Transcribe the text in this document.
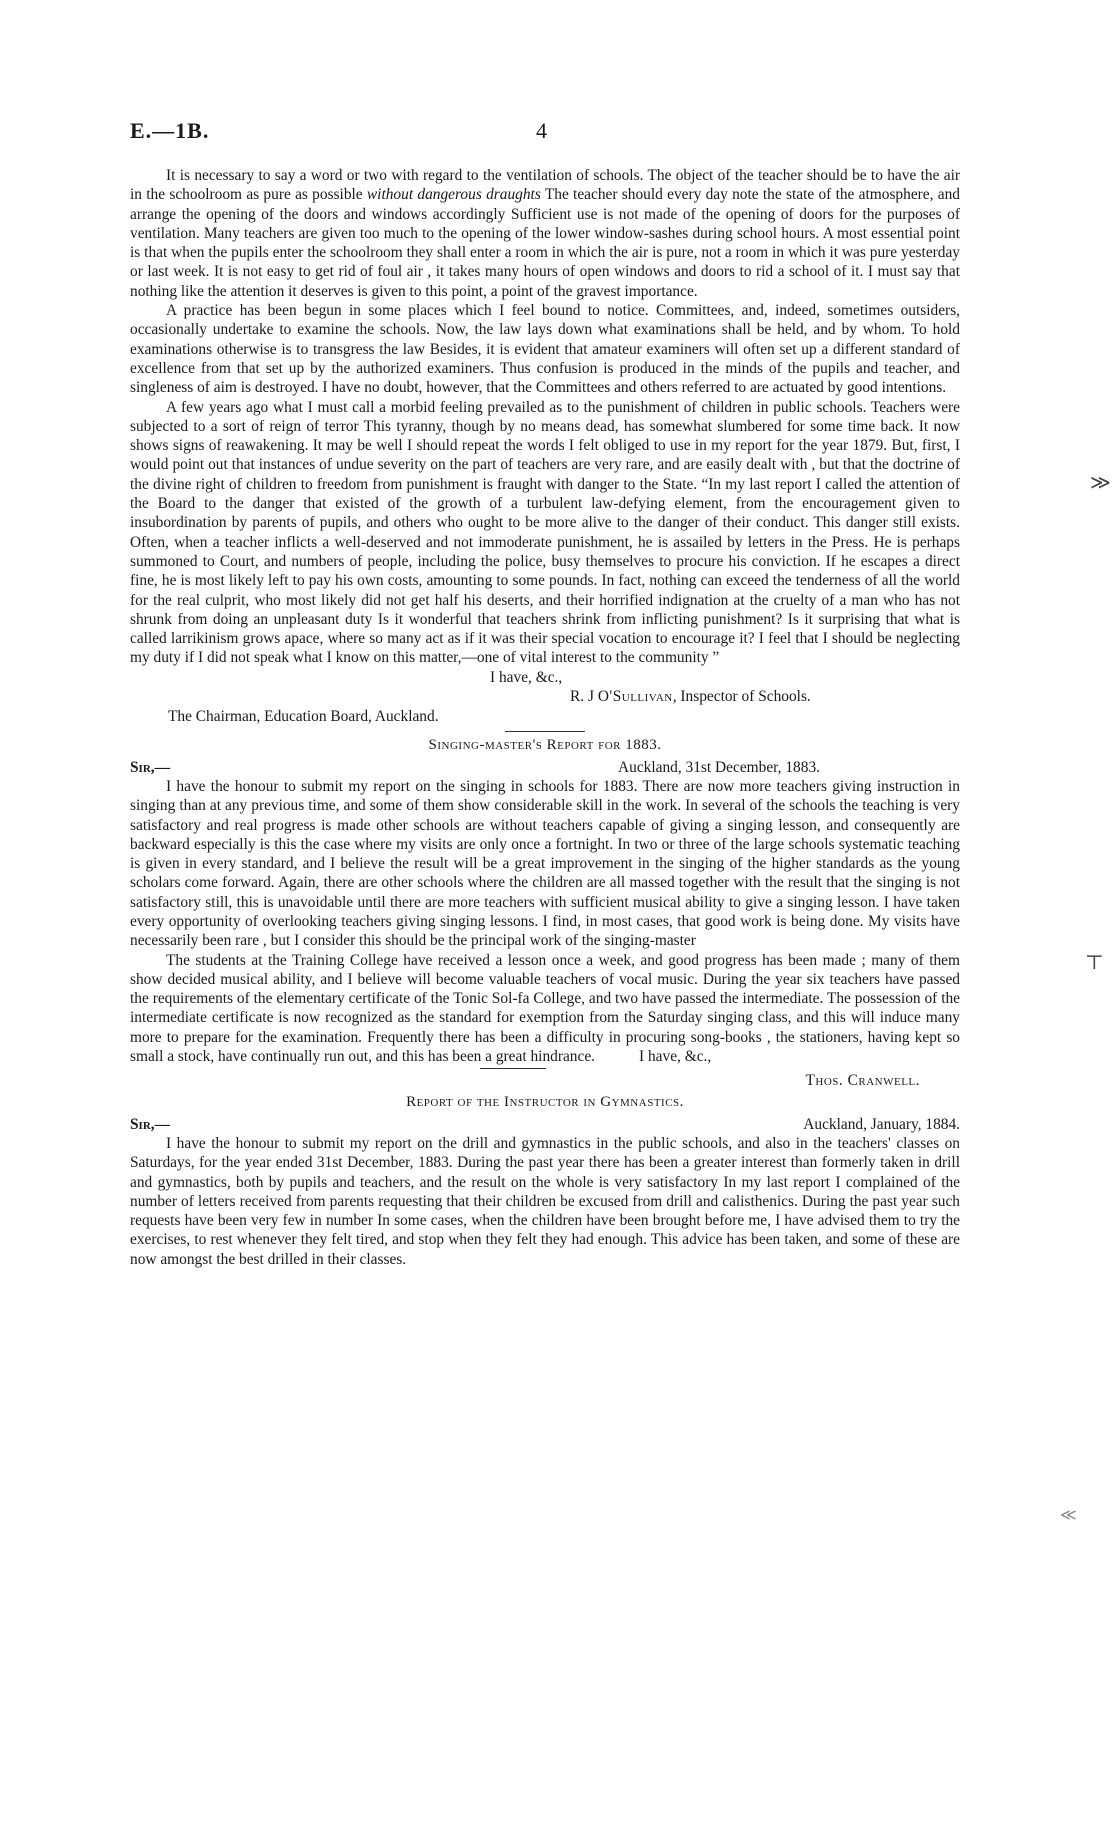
E.—1B.	4

It is necessary to say a word or two with regard to the ventilation of schools. The object of the teacher should be to have the air in the schoolroom as pure as possible without dangerous draughts The teacher should every day note the state of the atmosphere, and arrange the opening of the doors and windows accordingly Sufficient use is not made of the opening of doors for the purposes of ventilation. Many teachers are given too much to the opening of the lower window-sashes during school hours. A most essential point is that when the pupils enter the schoolroom they shall enter a room in which the air is pure, not a room in which it was pure yesterday or last week. It is not easy to get rid of foul air , it takes many hours of open windows and doors to rid a school of it. I must say that nothing like the attention it deserves is given to this point, a point of the gravest importance.

A practice has been begun in some places which I feel bound to notice. Committees, and, indeed, sometimes outsiders, occasionally undertake to examine the schools. Now, the law lays down what examinations shall be held, and by whom. To hold examinations otherwise is to transgress the law Besides, it is evident that amateur examiners will often set up a different standard of excellence from that set up by the authorized examiners. Thus confusion is produced in the minds of the pupils and teacher, and singleness of aim is destroyed. I have no doubt, however, that the Committees and others referred to are actuated by good intentions.

A few years ago what I must call a morbid feeling prevailed as to the punishment of children in public schools. Teachers were subjected to a sort of reign of terror This tyranny, though by no means dead, has somewhat slumbered for some time back. It now shows signs of reawakening. It may be well I should repeat the words I felt obliged to use in my report for the year 1879. But, first, I would point out that instances of undue severity on the part of teachers are very rare, and are easily dealt with , but that the doctrine of the divine right of children to freedom from punishment is fraught with danger to the State. “In my last report I called the attention of the Board to the danger that existed of the growth of a turbulent law-defying element, from the encouragement given to insubordination by parents of pupils, and others who ought to be more alive to the danger of their conduct. This danger still exists. Often, when a teacher inflicts a well-deserved and not immoderate punishment, he is assailed by letters in the Press. He is perhaps summoned to Court, and numbers of people, including the police, busy themselves to procure his conviction. If he escapes a direct fine, he is most likely left to pay his own costs, amounting to some pounds. In fact, nothing can exceed the tenderness of all the world for the real culprit, who most likely did not get half his deserts, and their horrified indignation at the cruelty of a man who has not shrunk from doing an unpleasant duty Is it wonderful that teachers shrink from inflicting punishment? Is it surprising that what is called larrikinism grows apace, where so many act as if it was their special vocation to encourage it? I feel that I should be neglecting my duty if I did not speak what I know on this matter,—one of vital interest to the community ”

I have, &c.,
R. J O'Sullivan, Inspector of Schools.
The Chairman, Education Board, Auckland.
Singing-master's Report for 1883.
Sir,—	Auckland, 31st December, 1883.

I have the honour to submit my report on the singing in schools for 1883. There are now more teachers giving instruction in singing than at any previous time, and some of them show considerable skill in the work. In several of the schools the teaching is very satisfactory and real progress is made other schools are without teachers capable of giving a singing lesson, and consequently are backward especially is this the case where my visits are only once a fortnight. In two or three of the large schools systematic teaching is given in every standard, and I believe the result will be a great improvement in the singing of the higher standards as the young scholars come forward. Again, there are other schools where the children are all massed together with the result that the singing is not satisfactory still, this is unavoidable until there are more teachers with sufficient musical ability to give a singing lesson. I have taken every opportunity of overlooking teachers giving singing lessons. I find, in most cases, that good work is being done. My visits have necessarily been rare , but I consider this should be the principal work of the singing-master

The students at the Training College have received a lesson once a week, and good progress has been made ; many of them show decided musical ability, and I believe will become valuable teachers of vocal music. During the year six teachers have passed the requirements of the elementary certificate of the Tonic Sol-fa College, and two have passed the intermediate. The possession of the intermediate certificate is now recognized as the standard for exemption from the Saturday singing class, and this will induce many more to prepare for the examination. Frequently there has been a difficulty in procuring song-books , the stationers, having kept so small a stock, have continually run out, and this has been a great hindrance.	I have, &c.,

Thos. Cranwell.
Report of the Instructor in Gymnastics.
Sir,—	Auckland, January, 1884.

I have the honour to submit my report on the drill and gymnastics in the public schools, and also in the teachers' classes on Saturdays, for the year ended 31st December, 1883. During the past year there has been a greater interest than formerly taken in drill and gymnastics, both by pupils and teachers, and the result on the whole is very satisfactory In my last report I complained of the number of letters received from parents requesting that their children be excused from drill and calisthenics. During the past year such requests have been very few in number In some cases, when the children have been brought before me, I have advised them to try the exercises, to rest whenever they felt tired, and stop when they felt they had enough. This advice has been taken, and some of these are now amongst the best drilled in their classes.

≫
⊤
≪
